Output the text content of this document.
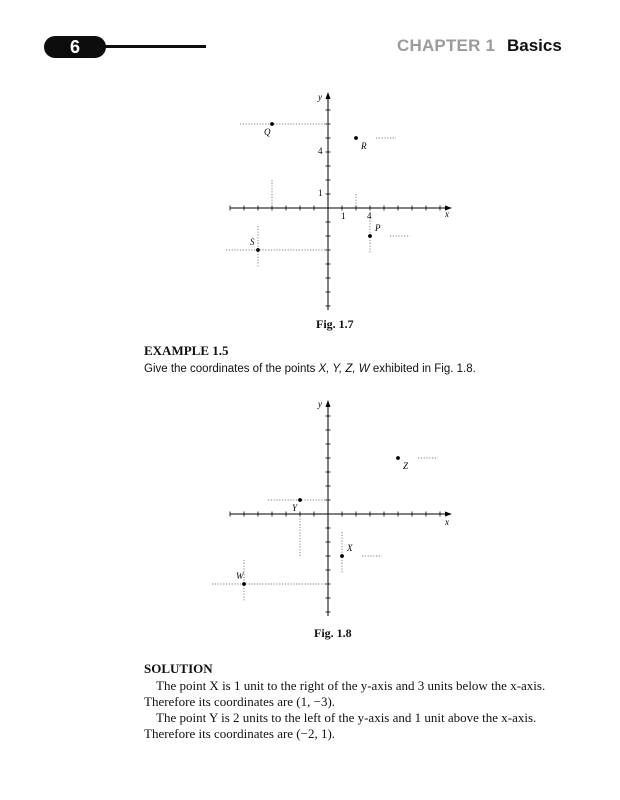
6	CHAPTER 1 Basics
x
y
1 4
1
4
Q
R
S
P
Fig. 1.7
EXAMPLE 1.5
Give the coordinates of the points X, Y, Z, W exhibited in Fig. 1.8.
x
y
X
Y
Z
W
Fig. 1.8
SOLUTION
The point X is 1 unit to the right of the y-axis and 3 units below the x-axis.
Therefore its coordinates are (1, −3).
The point Y is 2 units to the left of the y-axis and 1 unit above the x-axis.
Therefore its coordinates are (−2, 1).
